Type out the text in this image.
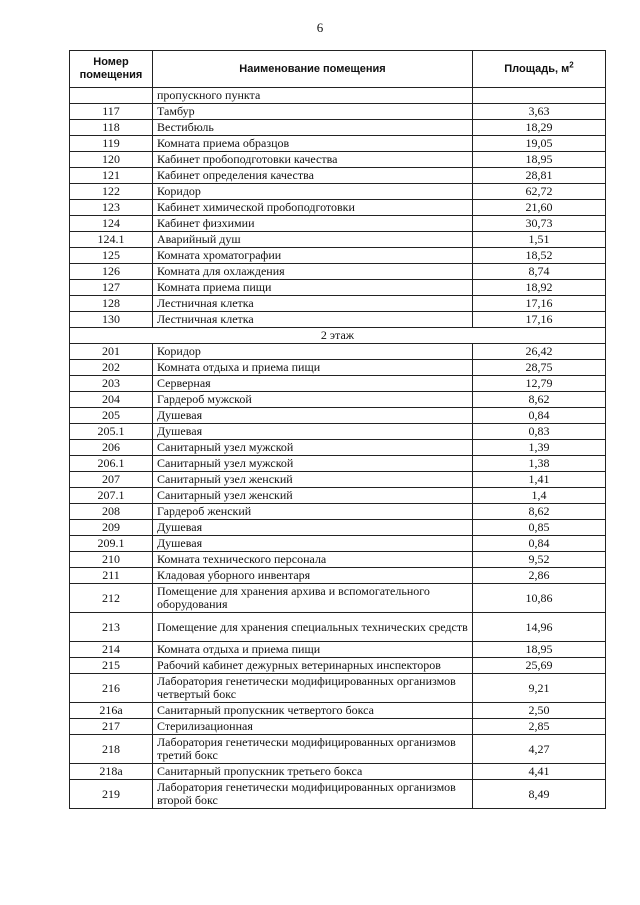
6
Номер помещения	Наименование помещения	Площадь, $м^2$
	пропускного пункта	
117	Тамбур	3,63
118	Вестибюль	18,29
119	Комната приема образцов	19,05
120	Кабинет пробоподготовки качества	18,95
121	Кабинет определения качества	28,81
122	Коридор	62,72
123	Кабинет химической пробоподготовки	21,60
124	Кабинет физхимии	30,73
124.1	Аварийный душ	1,51
125	Комната хроматографии	18,52
126	Комната для охлаждения	8,74
127	Комната приема пищи	18,92
128	Лестничная клетка	17,16
130	Лестничная клетка	17,16
2 этаж		
201	Коридор	26,42
202	Комната отдыха и приема пищи	28,75
203	Серверная	12,79
204	Гардероб мужской	8,62
205	Душевая	0,84
205.1	Душевая	0,83
206	Санитарный узел мужской	1,39
206.1	Санитарный узел мужской	1,38
207	Санитарный узел женский	1,41
207.1	Санитарный узел женский	1,4
208	Гардероб женский	8,62
209	Душевая	0,85
209.1	Душевая	0,84
210	Комната технического персонала	9,52
211	Кладовая уборного инвентаря	2,86
212	Помещение для хранения архива и вспомогательного оборудования	10,86
213	Помещение для хранения специальных технических средств	14,96
214	Комната отдыха и приема пищи	18,95
215	Рабочий кабинет дежурных ветеринарных инспекторов	25,69
216	Лаборатория генетически модифицированных организмов четвертый бокс	9,21
216а	Санитарный пропускник четвертого бокса	2,50
217	Стерилизационная	2,85
218	Лаборатория генетически модифицированных организмов третий бокс	4,27
218а	Санитарный пропускник третьего бокса	4,41
219	Лаборатория генетически модифицированных организмов второй бокс	8,49
